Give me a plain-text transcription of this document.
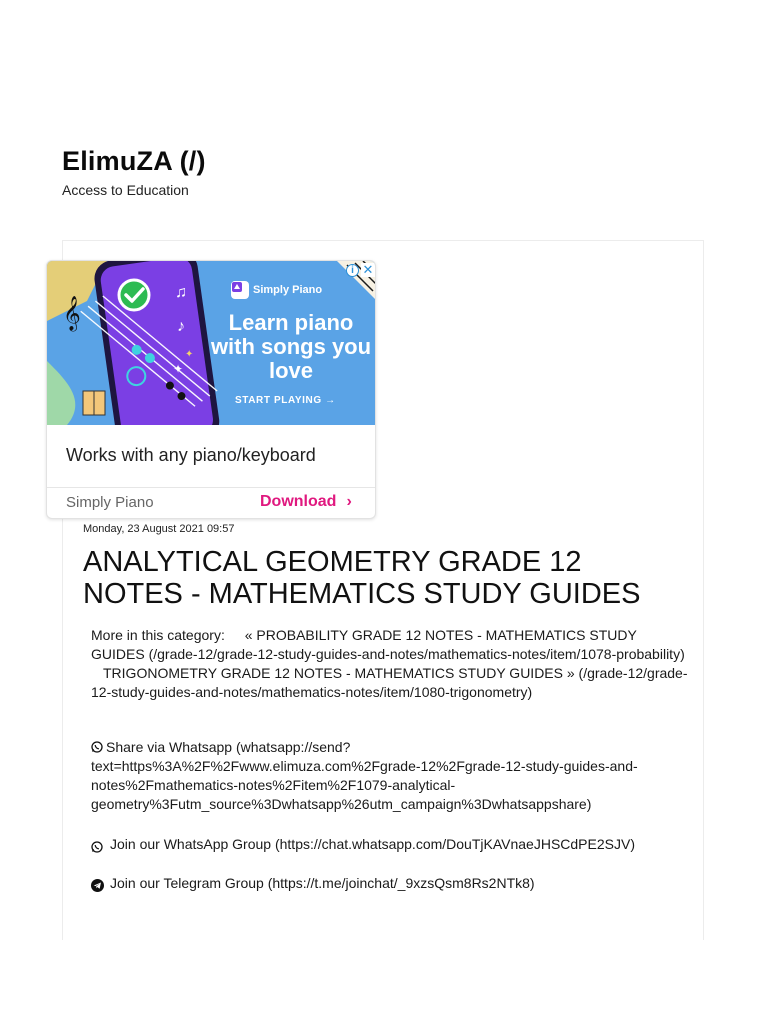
ElimuZA (/)
Access to Education
𝄞
♫
♪
✦
✦
Simply Piano
Learn piano with songs you love
START PLAYING →
i ✕
Works with any piano/keyboard
Simply Piano	Download ›
Monday, 23 August 2021 09:57
ANALYTICAL GEOMETRY GRADE 12 NOTES - MATHEMATICS STUDY GUIDES
More in this category: « PROBABILITY GRADE 12 NOTES - MATHEMATICS STUDY GUIDES (/grade-12/grade-12-study-guides-and-notes/mathematics-notes/item/1078-probability)
TRIGONOMETRY GRADE 12 NOTES - MATHEMATICS STUDY GUIDES » (/grade-12/grade-12-study-guides-and-notes/mathematics-notes/item/1080-trigonometry)
Share via Whatsapp (whatsapp://send?text=https%3A%2F%2Fwww.elimuza.com%2Fgrade-12%2Fgrade-12-study-guides-and-notes%2Fmathematics-notes%2Fitem%2F1079-analytical-geometry%3Futm_source%3Dwhatsapp%26utm_campaign%3Dwhatsappshare)
Join our WhatsApp Group (https://chat.whatsapp.com/DouTjKAVnaeJHSCdPE2SJV)
Join our Telegram Group (https://t.me/joinchat/_9xzsQsm8Rs2NTk8)
